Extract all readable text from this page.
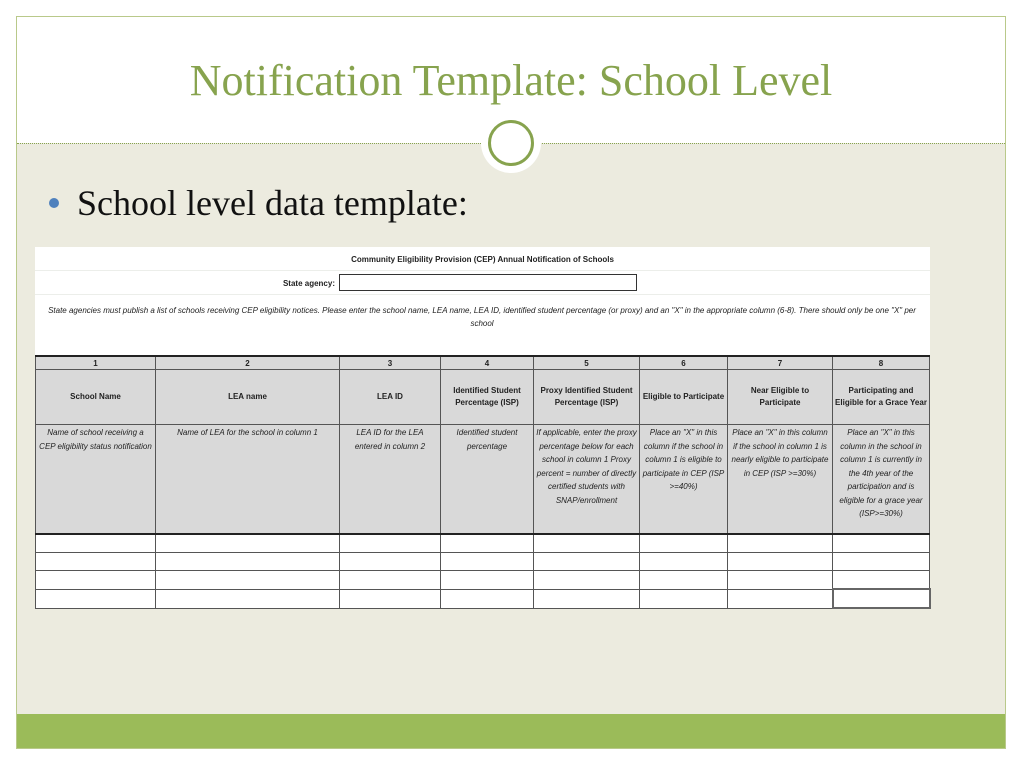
Notification Template: School Level
School level data template:
Community Eligibility Provision (CEP) Annual Notification of Schools
State agency:
State agencies must publish a list of schools receiving CEP eligibility notices. Please enter the school name, LEA name, LEA ID, identified student percentage (or proxy) and an "X" in the appropriate column (6-8). There should only be one "X" per school
1	2	3	4	5	6	7	8
School Name	LEA name	LEA ID	Identified Student Percentage (ISP)	Proxy Identified Student Percentage (ISP)	Eligible to Participate	Near Eligible to Participate	Participating and Eligible for a Grace Year
Name of school receiving a CEP eligibility status notification	Name of LEA for the school in column 1	LEA ID for the LEA entered in column 2	Identified student percentage	If applicable, enter the proxy percentage below for each school in column 1 Proxy percent = number of directly certified students with SNAP/enrollment	Place an "X" in this column if the school in column 1 is eligible to participate in CEP (ISP >=40%)	Place an "X" in this column if the school in column 1 is nearly eligible to participate in CEP (ISP >=30%)	Place an "X" in this column in the school in column 1 is currently in the 4th year of the participation and is eligible for a grace year (ISP>=30%)
